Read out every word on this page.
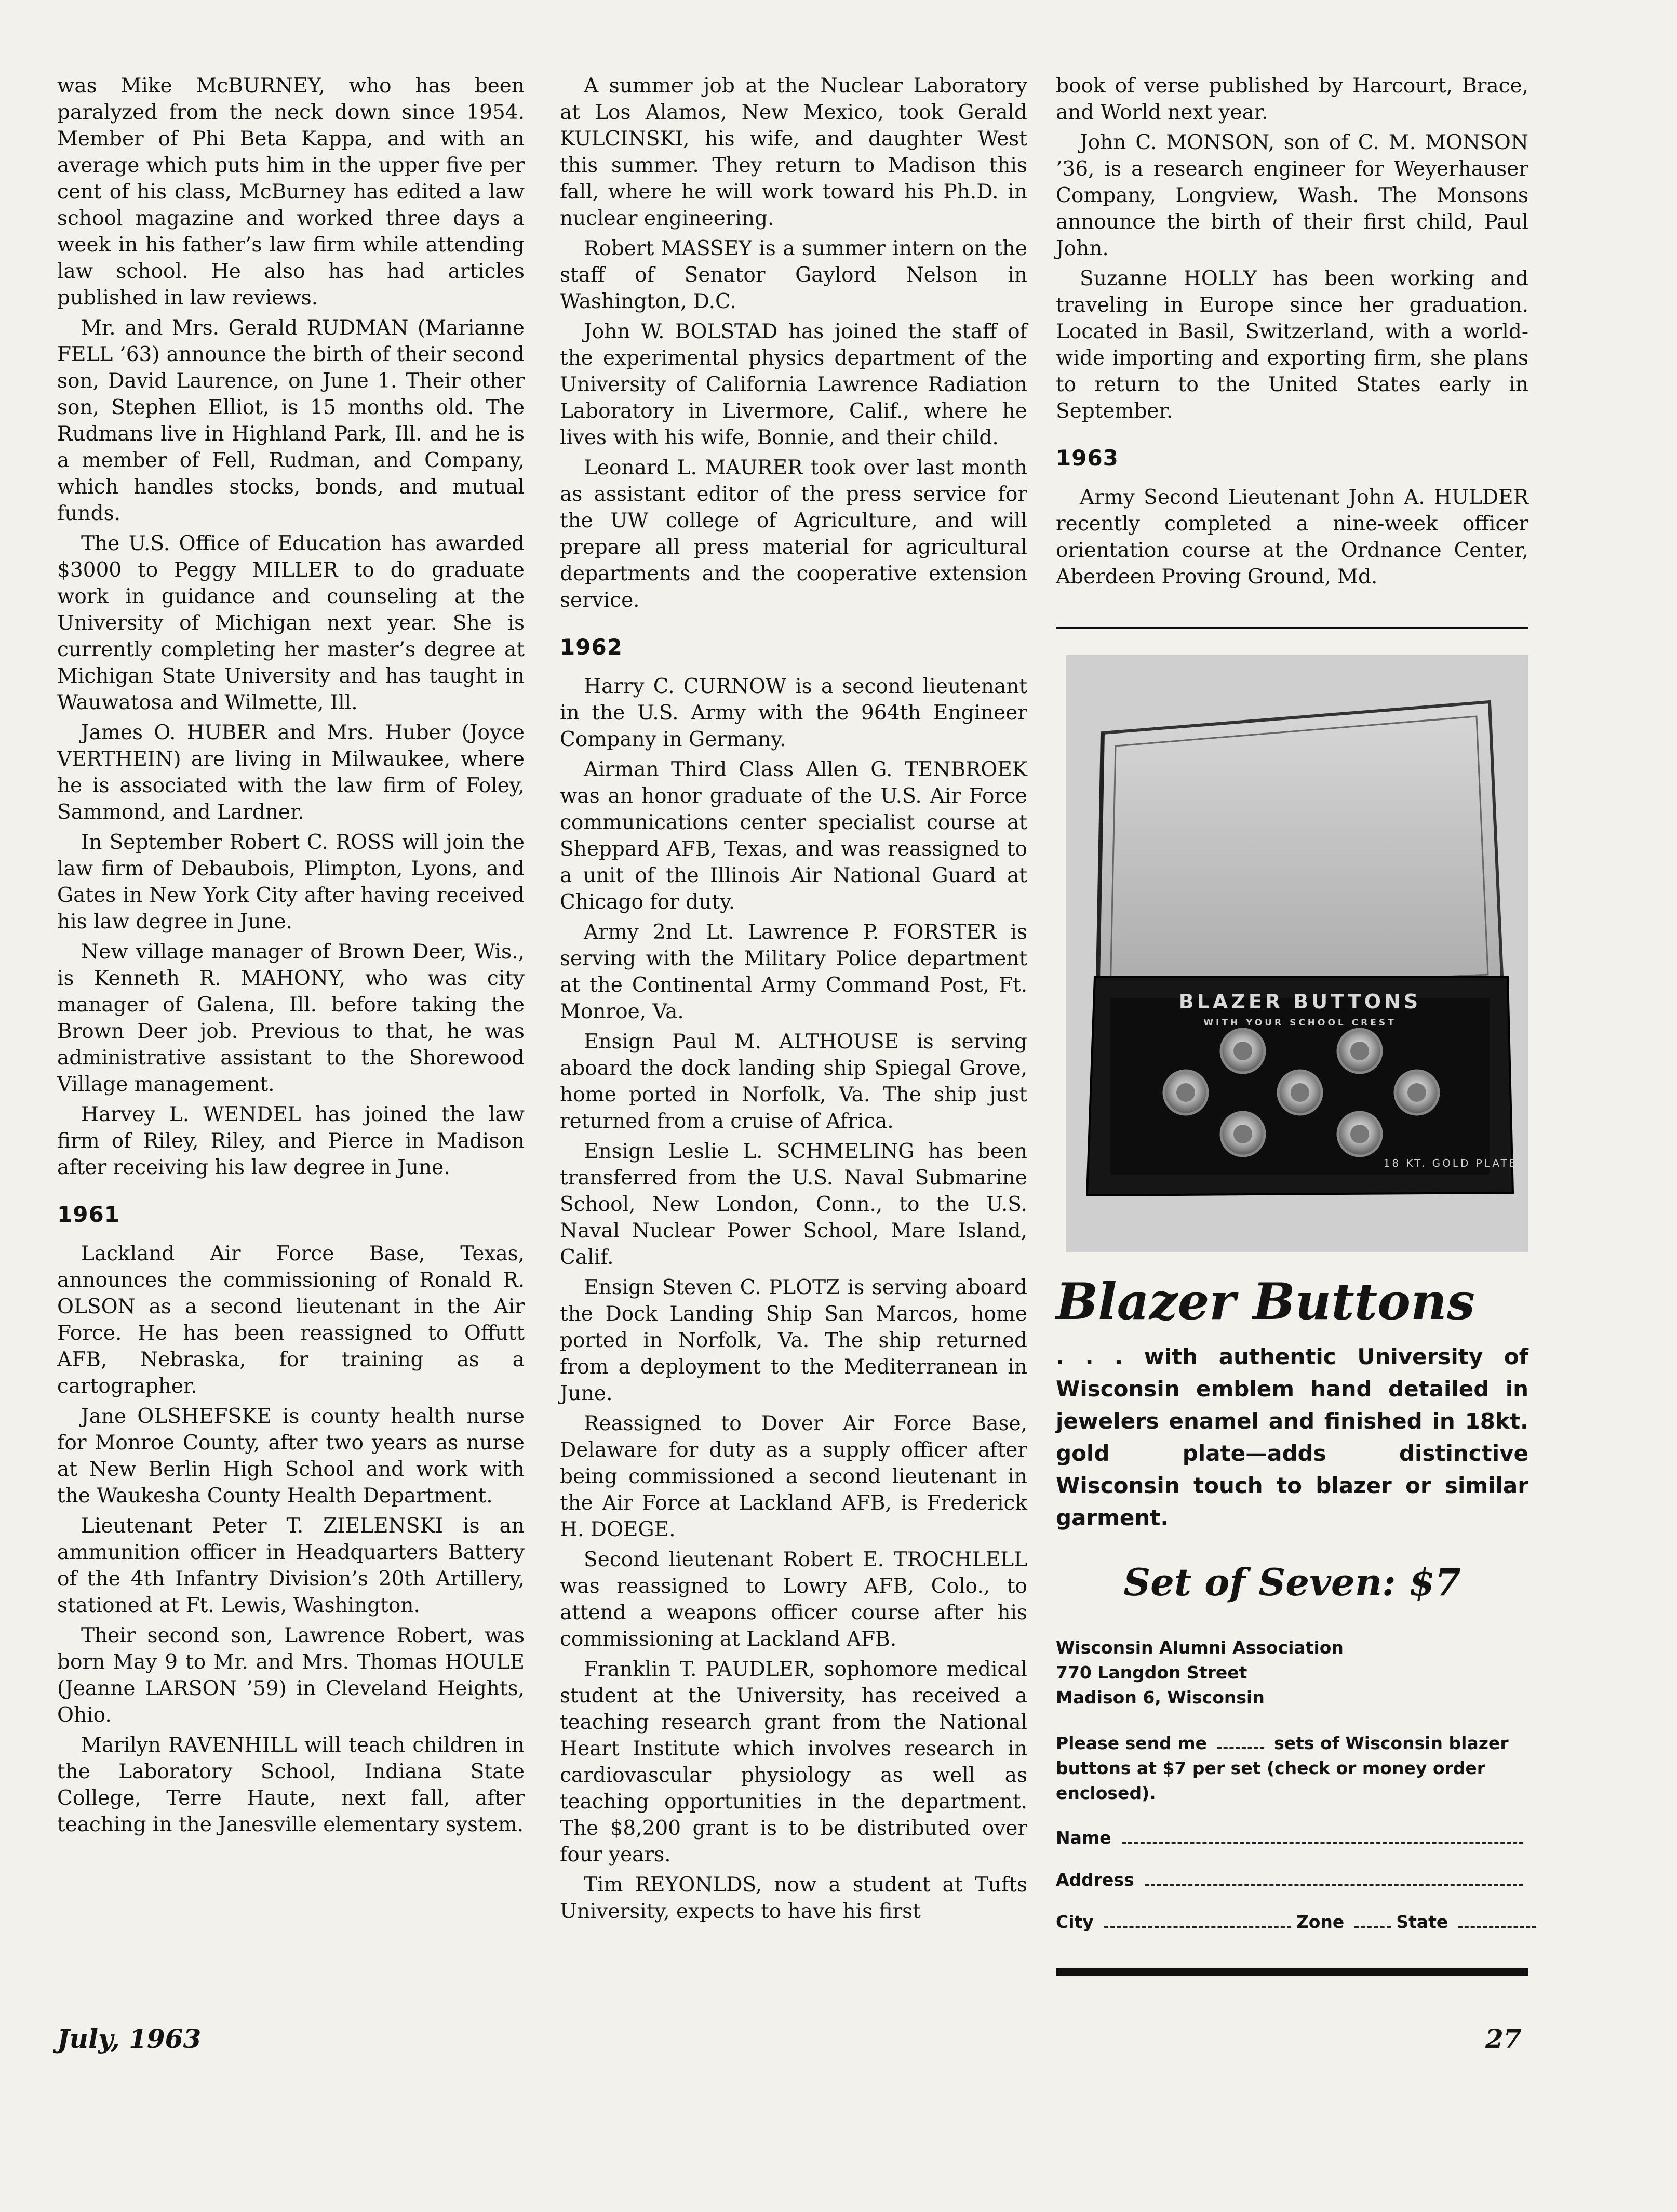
was Mike McBURNEY, who has been paralyzed from the neck down since 1954. Member of Phi Beta Kappa, and with an average which puts him in the upper five per cent of his class, McBurney has edited a law school magazine and worked three days a week in his father’s law firm while attending law school. He also has had articles published in law reviews.

Mr. and Mrs. Gerald RUDMAN (Marianne FELL ’63) announce the birth of their second son, David Laurence, on June 1. Their other son, Stephen Elliot, is 15 months old. The Rudmans live in Highland Park, Ill. and he is a member of Fell, Rudman, and Company, which handles stocks, bonds, and mutual funds.

The U.S. Office of Education has awarded $3000 to Peggy MILLER to do graduate work in guidance and counseling at the University of Michigan next year. She is currently completing her master’s degree at Michigan State University and has taught in Wauwatosa and Wilmette, Ill.

James O. HUBER and Mrs. Huber (Joyce VERTHEIN) are living in Milwaukee, where he is associated with the law firm of Foley, Sammond, and Lardner.

In September Robert C. ROSS will join the law firm of Debaubois, Plimpton, Lyons, and Gates in New York City after having received his law degree in June.

New village manager of Brown Deer, Wis., is Kenneth R. MAHONY, who was city manager of Galena, Ill. before taking the Brown Deer job. Previous to that, he was administrative assistant to the Shorewood Village management.

Harvey L. WENDEL has joined the law firm of Riley, Riley, and Pierce in Madison after receiving his law degree in June.

1961

Lackland Air Force Base, Texas, announces the commissioning of Ronald R. OLSON as a second lieutenant in the Air Force. He has been reassigned to Offutt AFB, Nebraska, for training as a cartographer.

Jane OLSHEFSKE is county health nurse for Monroe County, after two years as nurse at New Berlin High School and work with the Waukesha County Health Department.

Lieutenant Peter T. ZIELENSKI is an ammunition officer in Headquarters Battery of the 4th Infantry Division’s 20th Artillery, stationed at Ft. Lewis, Washington.

Their second son, Lawrence Robert, was born May 9 to Mr. and Mrs. Thomas HOULE (Jeanne LARSON ’59) in Cleveland Heights, Ohio.

Marilyn RAVENHILL will teach children in the Laboratory School, Indiana State College, Terre Haute, next fall, after teaching in the Janesville elementary system.

A summer job at the Nuclear Laboratory at Los Alamos, New Mexico, took Gerald KULCINSKI, his wife, and daughter West this summer. They return to Madison this fall, where he will work toward his Ph.D. in nuclear engineering.

Robert MASSEY is a summer intern on the staff of Senator Gaylord Nelson in Washington, D.C.

John W. BOLSTAD has joined the staff of the experimental physics department of the University of California Lawrence Radiation Laboratory in Livermore, Calif., where he lives with his wife, Bonnie, and their child.

Leonard L. MAURER took over last month as assistant editor of the press service for the UW college of Agriculture, and will prepare all press material for agricultural departments and the cooperative extension service.

1962

Harry C. CURNOW is a second lieutenant in the U.S. Army with the 964th Engineer Company in Germany.

Airman Third Class Allen G. TENBROEK was an honor graduate of the U.S. Air Force communications center specialist course at Sheppard AFB, Texas, and was reassigned to a unit of the Illinois Air National Guard at Chicago for duty.

Army 2nd Lt. Lawrence P. FORSTER is serving with the Military Police department at the Continental Army Command Post, Ft. Monroe, Va.

Ensign Paul M. ALTHOUSE is serving aboard the dock landing ship Spiegal Grove, home ported in Norfolk, Va. The ship just returned from a cruise of Africa.

Ensign Leslie L. SCHMELING has been transferred from the U.S. Naval Submarine School, New London, Conn., to the U.S. Naval Nuclear Power School, Mare Island, Calif.

Ensign Steven C. PLOTZ is serving aboard the Dock Landing Ship San Marcos, home ported in Norfolk, Va. The ship returned from a deployment to the Mediterranean in June.

Reassigned to Dover Air Force Base, Delaware for duty as a supply officer after being commissioned a second lieutenant in the Air Force at Lackland AFB, is Frederick H. DOEGE.

Second lieutenant Robert E. TROCHLELL was reassigned to Lowry AFB, Colo., to attend a weapons officer course after his commissioning at Lackland AFB.

Franklin T. PAUDLER, sophomore medical student at the University, has received a teaching research grant from the National Heart Institute which involves research in cardiovascular physiology as well as teaching opportunities in the department. The $8,200 grant is to be distributed over four years.

Tim REYONLDS, now a student at Tufts University, expects to have his first

book of verse published by Harcourt, Brace, and World next year.

John C. MONSON, son of C. M. MONSON ’36, is a research engineer for Weyerhauser Company, Longview, Wash. The Monsons announce the birth of their first child, Paul John.

Suzanne HOLLY has been working and traveling in Europe since her graduation. Located in Basil, Switzerland, with a world-wide importing and exporting firm, she plans to return to the United States early in September.

1963

Army Second Lieutenant John A. HULDER recently completed a nine-week officer orientation course at the Ordnance Center, Aberdeen Proving Ground, Md.

BLAZER BUTTONS
WITH YOUR SCHOOL CREST
18 KT. GOLD PLATE
Blazer Buttons

. . . with authentic University of Wisconsin emblem hand detailed in jewelers enamel and finished in 18kt. gold plate—adds distinctive Wisconsin touch to blazer or similar garment.

Set of Seven: $7

Wisconsin Alumni Association

770 Langdon Street

Madison 6, Wisconsin

Please send me	sets of Wisconsin blazer buttons at $7 per set (check or money order enclosed).

Name
Address
City	Zone	State
July, 1963	27
